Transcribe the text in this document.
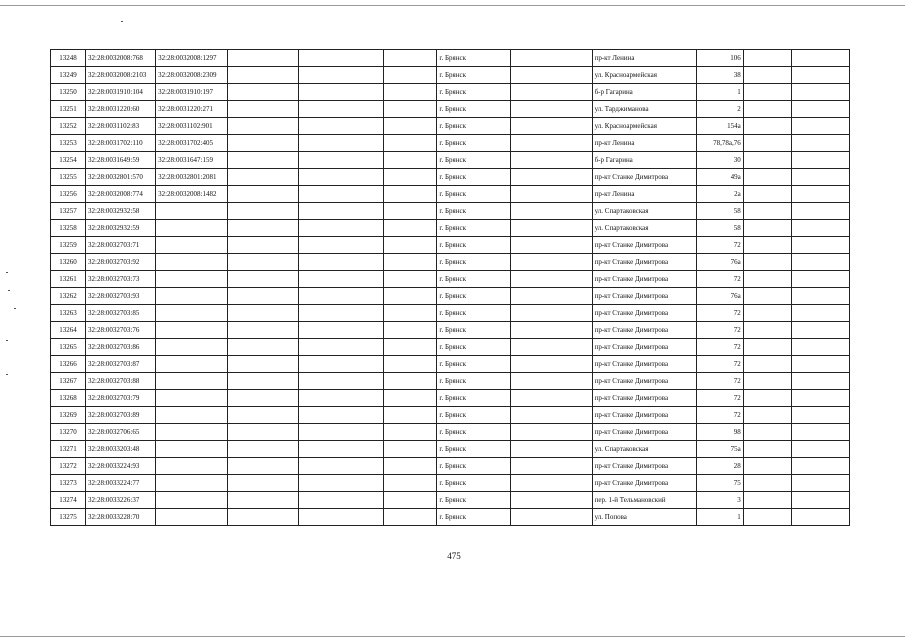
13248	32:28:0032008:768	32:28:0032008:1297				г. Брянск		пр-кт Ленина	106		
13249	32:28:0032008:2103	32:28:0032008:2309				г. Брянск		ул. Красноармейская	38		
13250	32:28:0031910:104	32:28:0031910:197				г. Брянск		б-р Гагарина	1		
13251	32:28:0031220:60	32:28:0031220:271				г. Брянск		ул. Тарджиманова	2		
13252	32:28:0031102:83	32:28:0031102:901				г. Брянск		ул. Красноармейская	154а		
13253	32:28:0031702:110	32:28:0031702:405				г. Брянск		пр-кт Ленина	78,78а,76		
13254	32:28:0031649:59	32:28:0031647:159				г. Брянск		б-р Гагарина	30		
13255	32:28:0032801:570	32:28:0032801:2081				г. Брянск		пр-кт Станке Димитрова	49а		
13256	32:28:0032008:774	32:28:0032008:1482				г. Брянск		пр-кт Ленина	2а		
13257	32:28:0032932:58					г. Брянск		ул. Спартаковская	58		
13258	32:28:0032932:59					г. Брянск		ул. Спартаковская	58		
13259	32:28:0032703:71					г. Брянск		пр-кт Станке Димитрова	72		
13260	32:28:0032703:92					г. Брянск		пр-кт Станке Димитрова	76а		
13261	32:28:0032703:73					г. Брянск		пр-кт Станке Димитрова	72		
13262	32:28:0032703:93					г. Брянск		пр-кт Станке Димитрова	76а		
13263	32:28:0032703:85					г. Брянск		пр-кт Станке Димитрова	72		
13264	32:28:0032703:76					г. Брянск		пр-кт Станке Димитрова	72		
13265	32:28:0032703:86					г. Брянск		пр-кт Станке Димитрова	72		
13266	32:28:0032703:87					г. Брянск		пр-кт Станке Димитрова	72		
13267	32:28:0032703:88					г. Брянск		пр-кт Станке Димитрова	72		
13268	32:28:0032703:79					г. Брянск		пр-кт Станке Димитрова	72		
13269	32:28:0032703:89					г. Брянск		пр-кт Станке Димитрова	72		
13270	32:28:0032706:65					г. Брянск		пр-кт Станке Димитрова	98		
13271	32:28:0033203:48					г. Брянск		ул. Спартаковская	75а		
13272	32:28:0033224:93					г. Брянск		пр-кт Станке Димитрова	28		
13273	32:28:0033224:77					г. Брянск		пр-кт Станке Димитрова	75		
13274	32:28:0033226:37					г. Брянск		пер. 1-й Тельмановский	3		
13275	32:28:0033228:70					г. Брянск		ул. Попова	1		
475
